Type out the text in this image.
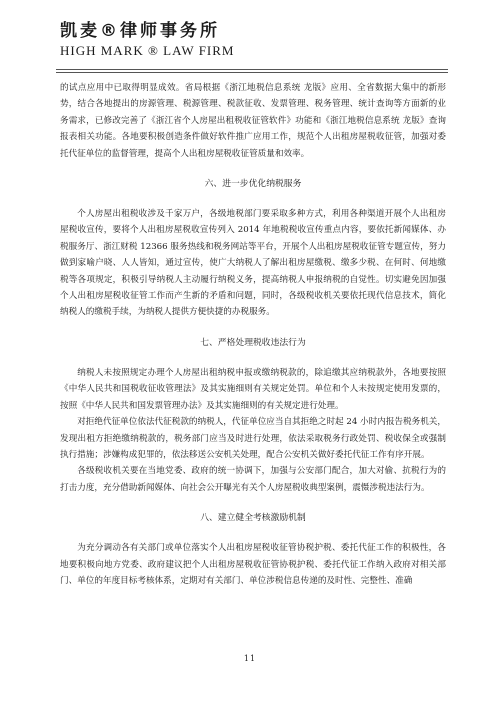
凯麦®律师事务所
HIGH MARK ® LAW FIRM

的试点应用中已取得明显成效。省局根据《浙江地税信息系统 龙版》应用、全省数据大集中的新形势，结合各地提出的房源管理、税源管理、税款征收、发票管理、税务管理、统计查询等方面新的业务需求，已修改完善了《浙江省个人房屋出租税收征管软件》功能和《浙江地税信息系统 龙版》查询报表相关功能。各地要积极创造条件做好软件推广应用工作，规范个人出租房屋税收征管，加强对委托代征单位的监督管理，提高个人出租房屋税收征管质量和效率。

六、进一步优化纳税服务

个人房屋出租税收涉及千家万户，各级地税部门要采取多种方式，利用各种渠道开展个人出租房屋税收宣传，要将个人出租房屋税收宣传列入 2014 年地税税收宣传重点内容，要依托新闻媒体、办税服务厅、浙江财税 12366 服务热线和税务网站等平台，开展个人出租房屋税收征管专题宣传，努力做到家喻户晓、人人皆知，通过宣传，使广大纳税人了解出租房屋缴税、缴多少税、在何时、何地缴税等各项规定，积极引导纳税人主动履行纳税义务，提高纳税人申报纳税的自觉性。切实避免因加强个人出租房屋税收征管工作而产生新的矛盾和问题，同时，各级税收机关要依托现代信息技术，简化纳税人的缴税手续，为纳税人提供方便快捷的办税服务。

七、严格处理税收违法行为

纳税人未按照规定办理个人房屋出租纳税申报或缴纳税款的，除追缴其应纳税款外，各地要按照《中华人民共和国税收征收管理法》及其实施细则有关规定处罚。单位和个人未按规定使用发票的，按照《中华人民共和国发票管理办法》及其实施细则的有关规定进行处理。

对拒绝代征单位依法代征税款的纳税人，代征单位应当自其拒绝之时起 24 小时内报告税务机关，发现出租方拒绝缴纳税款的，税务部门应当及时进行处理，依法采取税务行政处罚、税收保全或强制执行措施；涉嫌构成犯罪的，依法移送公安机关处理，配合公安机关做好委托代征工作有序开展。

各级税收机关要在当地党委、政府的统一协调下，加强与公安部门配合，加大对偷、抗税行为的打击力度，充分借助新闻媒体、向社会公开曝光有关个人房屋税收典型案例，震慑涉税违法行为。

八、建立健全考核激励机制

为充分调动各有关部门或单位落实个人出租房屋税收征管协税护税、委托代征工作的积极性，各地要积极向地方党委、政府建议把个人出租房屋税收征管协税护税、委托代征工作纳入政府对相关部门、单位的年度目标考核体系，定期对有关部门、单位涉税信息传递的及时性、完整性、准确

11
